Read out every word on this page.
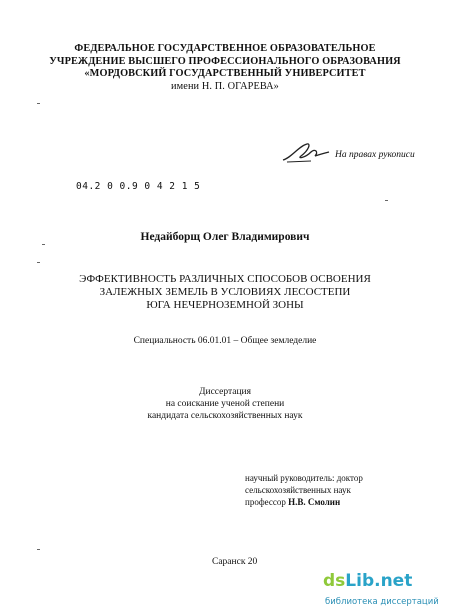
ФЕДЕРАЛЬНОЕ ГОСУДАРСТВЕННОЕ ОБРАЗОВАТЕЛЬНОЕ
УЧРЕЖДЕНИЕ ВЫСШЕГО ПРОФЕССИОНАЛЬНОГО ОБРАЗОВАНИЯ
«МОРДОВСКИЙ ГОСУДАРСТВЕННЫЙ УНИВЕРСИТЕТ
имени Н. П. ОГАРЕВА»
На правах рукописи
04.2 0 0.9 0 4 2 1 5
Недайборщ Олег Владимирович
ЭФФЕКТИВНОСТЬ РАЗЛИЧНЫХ СПОСОБОВ ОСВОЕНИЯ
ЗАЛЕЖНЫХ ЗЕМЕЛЬ В УСЛОВИЯХ ЛЕСОСТЕПИ
ЮГА НЕЧЕРНОЗЕМНОЙ ЗОНЫ
Специальность 06.01.01 – Общее земледелие
Диссертация
на соискание ученой степени
кандидата сельскохозяйственных наук
научный руководитель: доктор
сельскохозяйственных наук
профессор Н.В. Смолин
Саранск 20
dsLib.net
библиотека диссертаций
